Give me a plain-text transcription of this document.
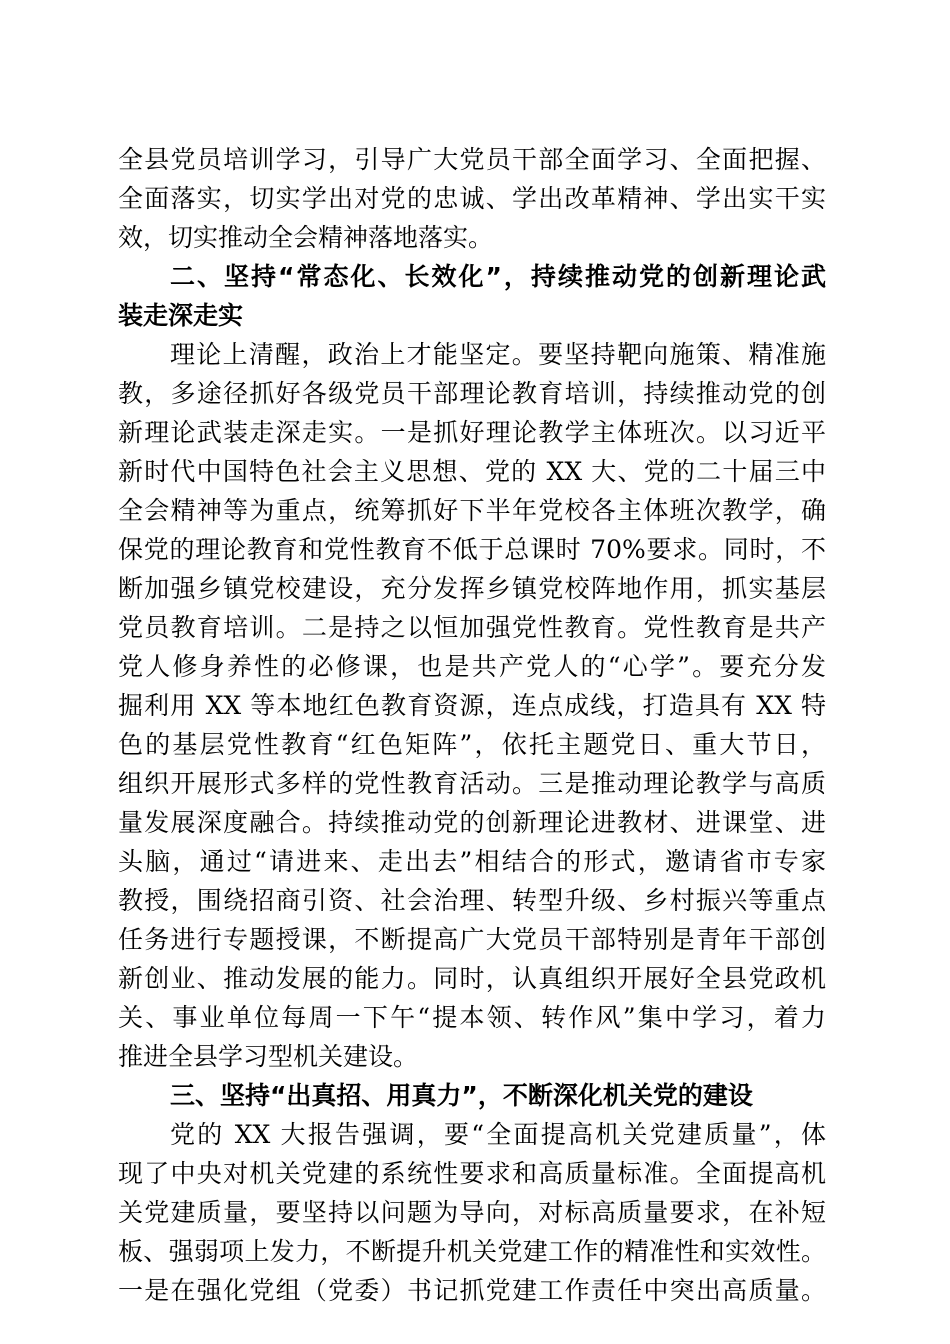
全县党员培训学习，引导广大党员干部全面学习、全面把握、
全面落实，切实学出对党的忠诚、学出改革精神、学出实干实
效，切实推动全会精神落地落实。
二、坚持“常态化、长效化”，持续推动党的创新理论武
装走深走实
理论上清醒，政治上才能坚定。要坚持靶向施策、精准施
教，多途径抓好各级党员干部理论教育培训，持续推动党的创
新理论武装走深走实。一是抓好理论教学主体班次。以习近平
新时代中国特色社会主义思想、党的 XX 大、党的二十届三中
全会精神等为重点，统筹抓好下半年党校各主体班次教学，确
保党的理论教育和党性教育不低于总课时 70%要求。同时，不
断加强乡镇党校建设，充分发挥乡镇党校阵地作用，抓实基层
党员教育培训。二是持之以恒加强党性教育。党性教育是共产
党人修身养性的必修课，也是共产党人的“心学”。要充分发
掘利用 XX 等本地红色教育资源，连点成线，打造具有 XX 特
色的基层党性教育“红色矩阵”，依托主题党日、重大节日，
组织开展形式多样的党性教育活动。三是推动理论教学与高质
量发展深度融合。持续推动党的创新理论进教材、进课堂、进
头脑，通过“请进来、走出去”相结合的形式，邀请省市专家
教授，围绕招商引资、社会治理、转型升级、乡村振兴等重点
任务进行专题授课，不断提高广大党员干部特别是青年干部创
新创业、推动发展的能力。同时，认真组织开展好全县党政机
关、事业单位每周一下午“提本领、转作风”集中学习，着力
推进全县学习型机关建设。
三、坚持“出真招、用真力”，不断深化机关党的建设
党的 XX 大报告强调，要“全面提高机关党建质量”，体
现了中央对机关党建的系统性要求和高质量标准。全面提高机
关党建质量，要坚持以问题为导向，对标高质量要求，在补短
板、强弱项上发力，不断提升机关党建工作的精准性和实效性。
一是在强化党组（党委）书记抓党建工作责任中突出高质量。
